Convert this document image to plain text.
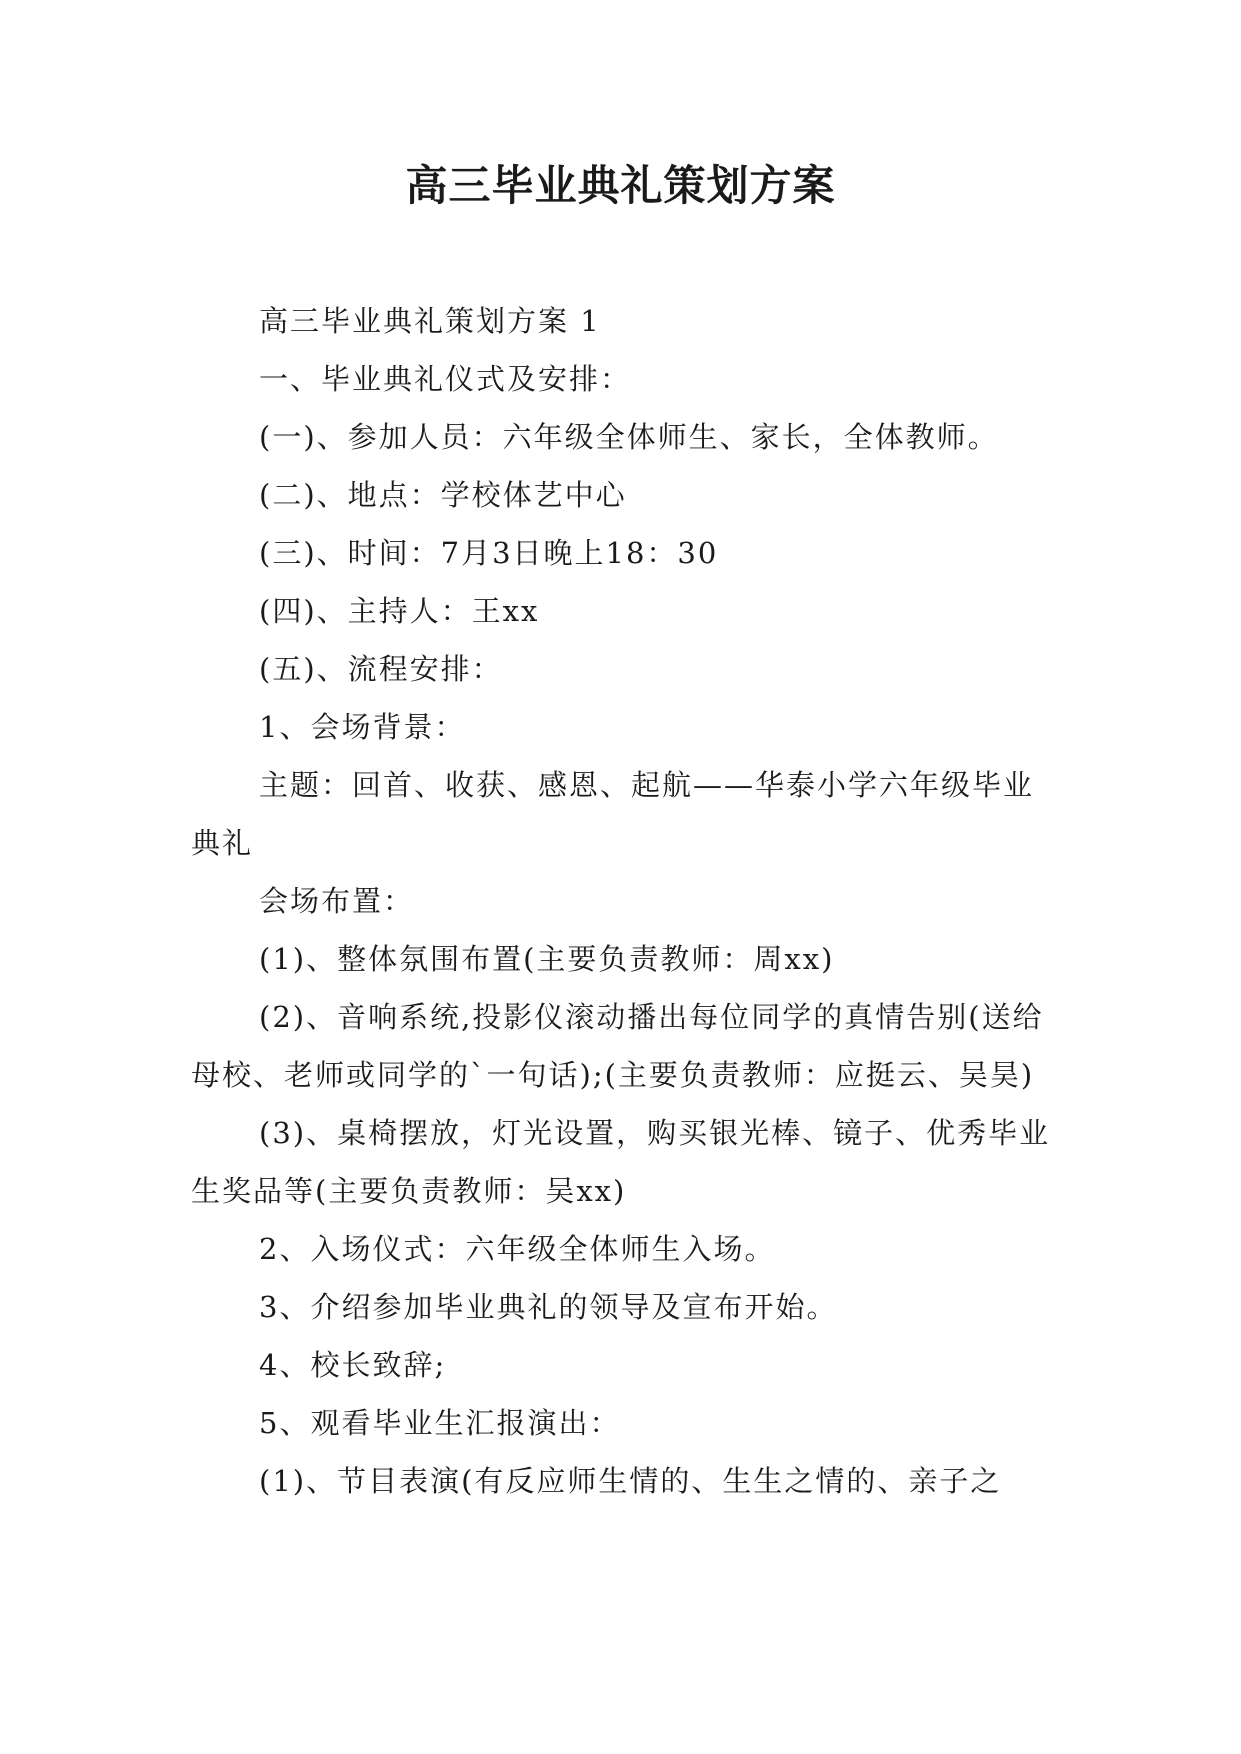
高三毕业典礼策划方案

高三毕业典礼策划方案 1

一、毕业典礼仪式及安排：

(一)、参加人员：六年级全体师生、家长，全体教师。

(二)、地点：学校体艺中心

(三)、时间：7月3日晚上18：30

(四)、主持人：王xx

(五)、流程安排：

1、会场背景：

主题：回首、收获、感恩、起航——华泰小学六年级毕业典礼

会场布置：

(1)、整体氛围布置(主要负责教师：周xx)

(2)、音响系统,投影仪滚动播出每位同学的真情告别(送给母校、老师或同学的`一句话);(主要负责教师：应挺云、吴昊)

(3)、桌椅摆放，灯光设置，购买银光棒、镜子、优秀毕业生奖品等(主要负责教师：吴xx)

2、入场仪式：六年级全体师生入场。

3、介绍参加毕业典礼的领导及宣布开始。

4、校长致辞;

5、观看毕业生汇报演出：

(1)、节目表演(有反应师生情的、生生之情的、亲子之
